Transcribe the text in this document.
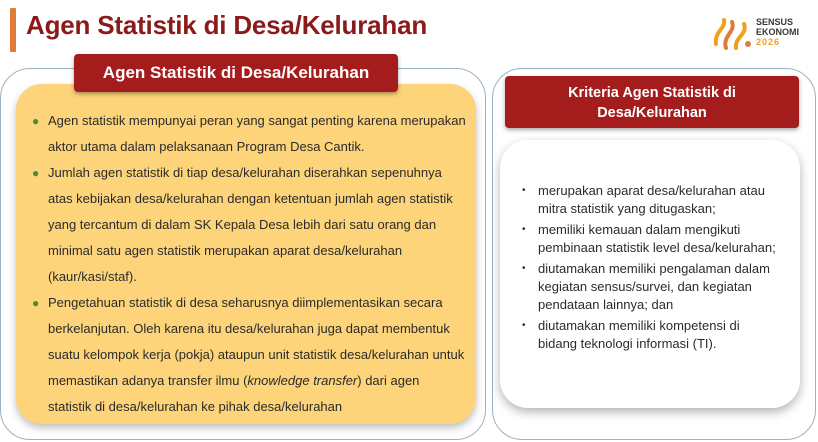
Agen Statistik di Desa/Kelurahan	SENSUS
EKONOMI
2026
Agen Statistik di Desa/Kelurahan
● Agen statistik mempunyai peran yang sangat penting karena merupakan aktor utama dalam pelaksanaan Program Desa Cantik.
● Jumlah agen statistik di tiap desa/kelurahan diserahkan sepenuhnya atas kebijakan desa/kelurahan dengan ketentuan jumlah agen statistik yang tercantum di dalam SK Kepala Desa lebih dari satu orang dan minimal satu agen statistik merupakan aparat desa/kelurahan (kaur/kasi/staf).
● Pengetahuan statistik di desa seharusnya diimplementasikan secara berkelanjutan. Oleh karena itu desa/kelurahan juga dapat membentuk suatu kelompok kerja (pokja) ataupun unit statistik desa/kelurahan untuk memastikan adanya transfer ilmu (knowledge transfer) dari agen statistik di desa/kelurahan ke pihak desa/kelurahan
Kriteria Agen Statistik di
Desa/Kelurahan
• merupakan aparat desa/kelurahan atau mitra statistik yang ditugaskan;
• memiliki kemauan dalam mengikuti pembinaan statistik level desa/kelurahan;
• diutamakan memiliki pengalaman dalam kegiatan sensus/survei, dan kegiatan pendataan lainnya; dan
• diutamakan memiliki kompetensi di bidang teknologi informasi (TI).
